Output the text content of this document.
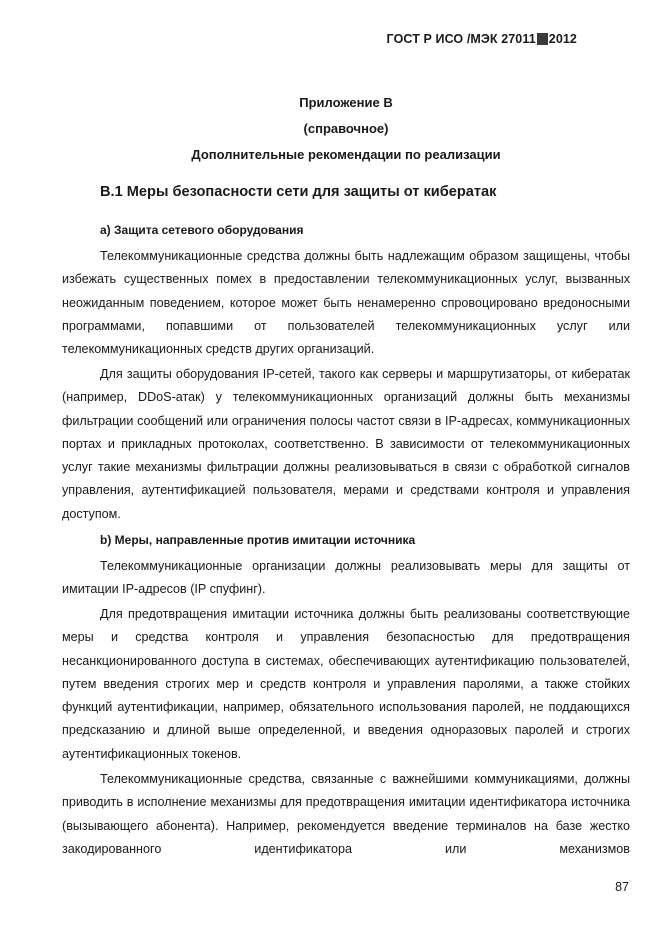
ГОСТ Р ИСО /МЭК 27011 2012
Приложение В
(справочное)
Дополнительные рекомендации по реализации
В.1 Меры безопасности сети для защиты от кибератак
а) Защита сетевого оборудования

Телекоммуникационные средства должны быть надлежащим образом защищены, чтобы избежать существенных помех в предоставлении телекоммуникационных услуг, вызванных неожиданным поведением, которое может быть ненамеренно спровоцировано вредоносными программами, попавшими от пользователей телекоммуникационных услуг или телекоммуникационных средств других организаций.

Для защиты оборудования IP-сетей, такого как серверы и маршрутизаторы, от кибератак (например, DDoS-атак) у телекоммуникационных организаций должны быть механизмы фильтрации сообщений или ограничения полосы частот связи в IP-адресах, коммуникационных портах и прикладных протоколах, соответственно. В зависимости от телекоммуникационных услуг такие механизмы фильтрации должны реализовываться в связи с обработкой сигналов управления, аутентификацией пользователя, мерами и средствами контроля и управления доступом.

b) Меры, направленные против имитации источника

Телекоммуникационные организации должны реализовывать меры для защиты от имитации IP-адресов (IP спуфинг).

Для предотвращения имитации источника должны быть реализованы соответствующие меры и средства контроля и управления безопасностью для предотвращения несанкционированного доступа в системах, обеспечивающих аутентификацию пользователей, путем введения строгих мер и средств контроля и управления паролями, а также стойких функций аутентификации, например, обязательного использования паролей, не поддающихся предсказанию и длиной выше определенной, и введения одноразовых паролей и строгих аутентификационных токенов.

Телекоммуникационные средства, связанные с важнейшими коммуникациями, должны приводить в исполнение механизмы для предотвращения имитации идентификатора источника (вызывающего абонента). Например, рекомендуется введение терминалов на базе жестко закодированного идентификатора или механизмов

87
